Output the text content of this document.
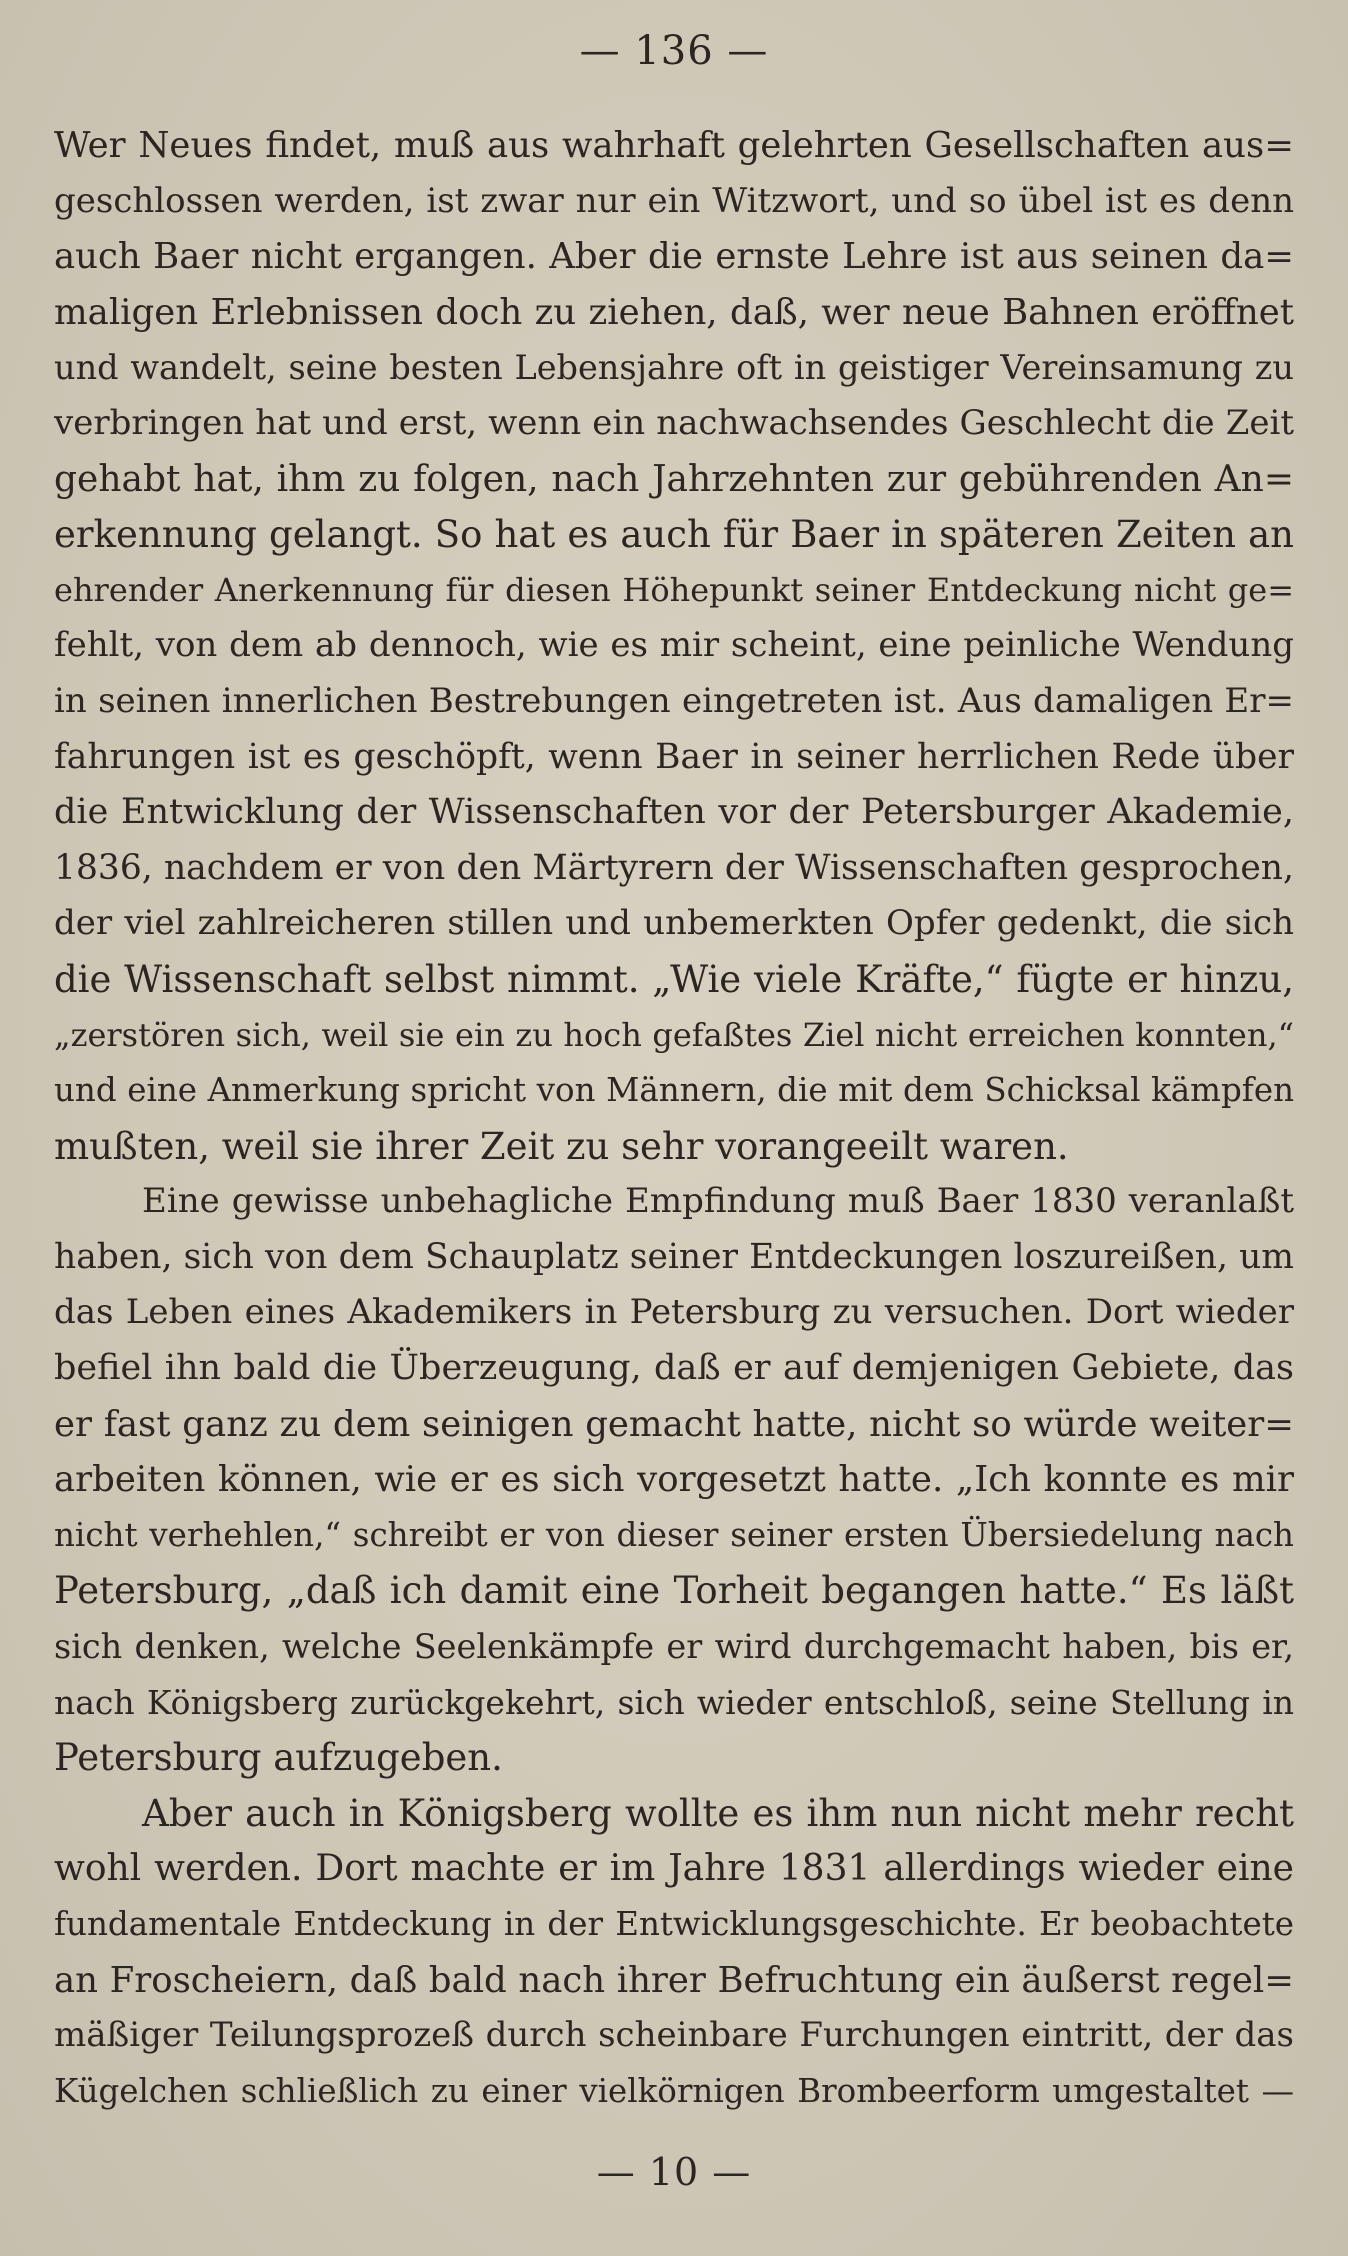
— 136 —
Wer Neues findet, muß aus wahrhaft gelehrten Gesellschaften aus=
geschlossen werden, ist zwar nur ein Witzwort, und so übel ist es denn
auch Baer nicht ergangen. Aber die ernste Lehre ist aus seinen da=
maligen Erlebnissen doch zu ziehen, daß, wer neue Bahnen eröffnet
und wandelt, seine besten Lebensjahre oft in geistiger Vereinsamung zu
verbringen hat und erst, wenn ein nachwachsendes Geschlecht die Zeit
gehabt hat, ihm zu folgen, nach Jahrzehnten zur gebührenden An=
erkennung gelangt. So hat es auch für Baer in späteren Zeiten an
ehrender Anerkennung für diesen Höhepunkt seiner Entdeckung nicht ge=
fehlt, von dem ab dennoch, wie es mir scheint, eine peinliche Wendung
in seinen innerlichen Bestrebungen eingetreten ist. Aus damaligen Er=
fahrungen ist es geschöpft, wenn Baer in seiner herrlichen Rede über
die Entwicklung der Wissenschaften vor der Petersburger Akademie,
1836, nachdem er von den Märtyrern der Wissenschaften gesprochen,
der viel zahlreicheren stillen und unbemerkten Opfer gedenkt, die sich
die Wissenschaft selbst nimmt. „Wie viele Kräfte,“ fügte er hinzu,
„zerstören sich, weil sie ein zu hoch gefaßtes Ziel nicht erreichen konnten,“
und eine Anmerkung spricht von Männern, die mit dem Schicksal kämpfen
mußten, weil sie ihrer Zeit zu sehr vorangeeilt waren.
Eine gewisse unbehagliche Empfindung muß Baer 1830 veranlaßt
haben, sich von dem Schauplatz seiner Entdeckungen loszureißen, um
das Leben eines Akademikers in Petersburg zu versuchen. Dort wieder
befiel ihn bald die Überzeugung, daß er auf demjenigen Gebiete, das
er fast ganz zu dem seinigen gemacht hatte, nicht so würde weiter=
arbeiten können, wie er es sich vorgesetzt hatte. „Ich konnte es mir
nicht verhehlen,“ schreibt er von dieser seiner ersten Übersiedelung nach
Petersburg, „daß ich damit eine Torheit begangen hatte.“ Es läßt
sich denken, welche Seelenkämpfe er wird durchgemacht haben, bis er,
nach Königsberg zurückgekehrt, sich wieder entschloß, seine Stellung in
Petersburg aufzugeben.
Aber auch in Königsberg wollte es ihm nun nicht mehr recht
wohl werden. Dort machte er im Jahre 1831 allerdings wieder eine
fundamentale Entdeckung in der Entwicklungsgeschichte. Er beobachtete
an Froscheiern, daß bald nach ihrer Befruchtung ein äußerst regel=
mäßiger Teilungsprozeß durch scheinbare Furchungen eintritt, der das
Kügelchen schließlich zu einer vielkörnigen Brombeerform umgestaltet —
— 10 —
